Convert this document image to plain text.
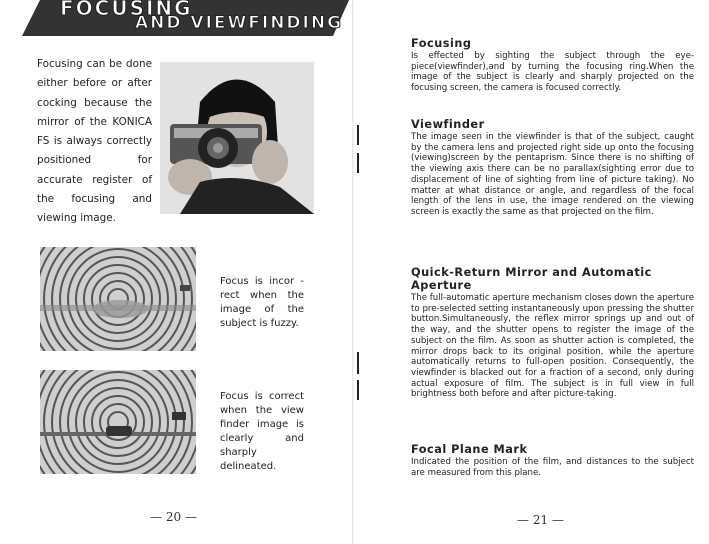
FOCUSING
AND VIEWFINDING
Focusing can be done either before or after cocking because the mirror of the KONICA FS is always correctly positioned for accurate register of the focusing and viewing image.
Focus is incor -rect when the image of the subject is fuzzy.
Focus is correct when the view finder image is clearly and sharply delineated.
— 20 —
Focusing

Is effected by sighting the subject through the eye-piece(viewfinder),and by turning the focusing ring.When the image of the subject is clearly and sharply projected on the focusing screen, the camera is focused correctly.

Viewfinder

The image seen in the viewfinder is that of the subject, caught by the camera lens and projected right side up onto the focusing (viewing)screen by the pentaprism. Since there is no shifting of the viewing axis there can be no parallax(sighting error due to displacement of line of sighting from line of picture taking). No matter at what distance or angle, and regardless of the focal length of the lens in use, the image rendered on the viewing screen is exactly the same as that projected on the film.

Quick-Return Mirror and Automatic Aperture

The full-automatic aperture mechanism closes down the aperture to pre-selected setting instantaneously upon pressing the shutter button.Simultaneously, the reflex mirror springs up and out of the way, and the shutter opens to register the image of the subject on the film. As soon as shutter action is completed, the mirror drops back to its original position, while the aperture automatically returns to full-open position. Consequently, the viewfinder is blacked out for a fraction of a second, only during actual exposure of film. The subject is in full view in full brightness both before and after picture-taking.

Focal Plane Mark

Indicated the position of the film, and distances to the subject are measured from this plane.

— 21 —
